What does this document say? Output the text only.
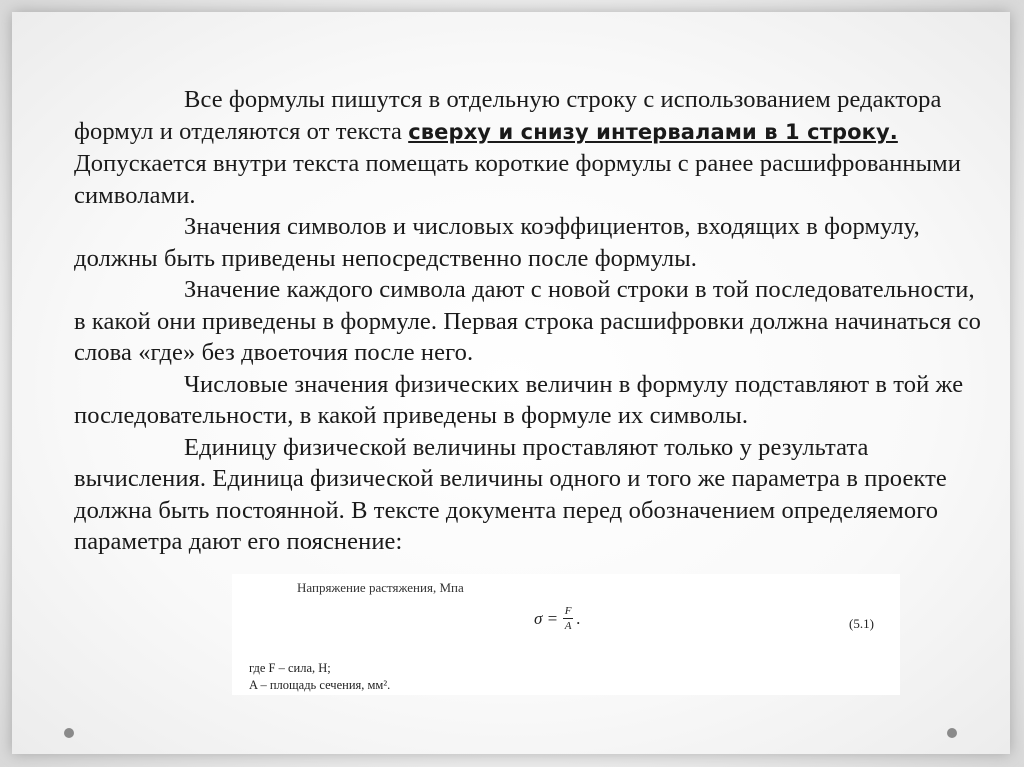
Все формулы пишутся в отдельную строку с использованием редактора формул и отделяются от текста сверху и снизу интервалами в 1 строку. Допускается внутри текста помещать короткие формулы с ранее расшифрованными символами.

Значения символов и числовых коэффициентов, входящих в формулу, должны быть приведены непосредственно после формулы.

Значение каждого символа дают с новой строки в той последовательности, в какой они приведены в формуле. Первая строка расшифровки должна начинаться со слова «где» без двоеточия после него.

Числовые значения физических величин в формулу подставляют в той же последовательности, в какой приведены в формуле их символы.

Единицу физической величины проставляют только у результата вычисления. Единица физической величины одного и того же параметра в проекте должна быть постоянной. В тексте документа перед обозначением определяемого параметра дают его пояснение:

Напряжение растяжения, Мпа
$\sigma = \frac{F}{A}$ .	(5.1)
где F – сила, Н;
A – площадь сечения, мм².
